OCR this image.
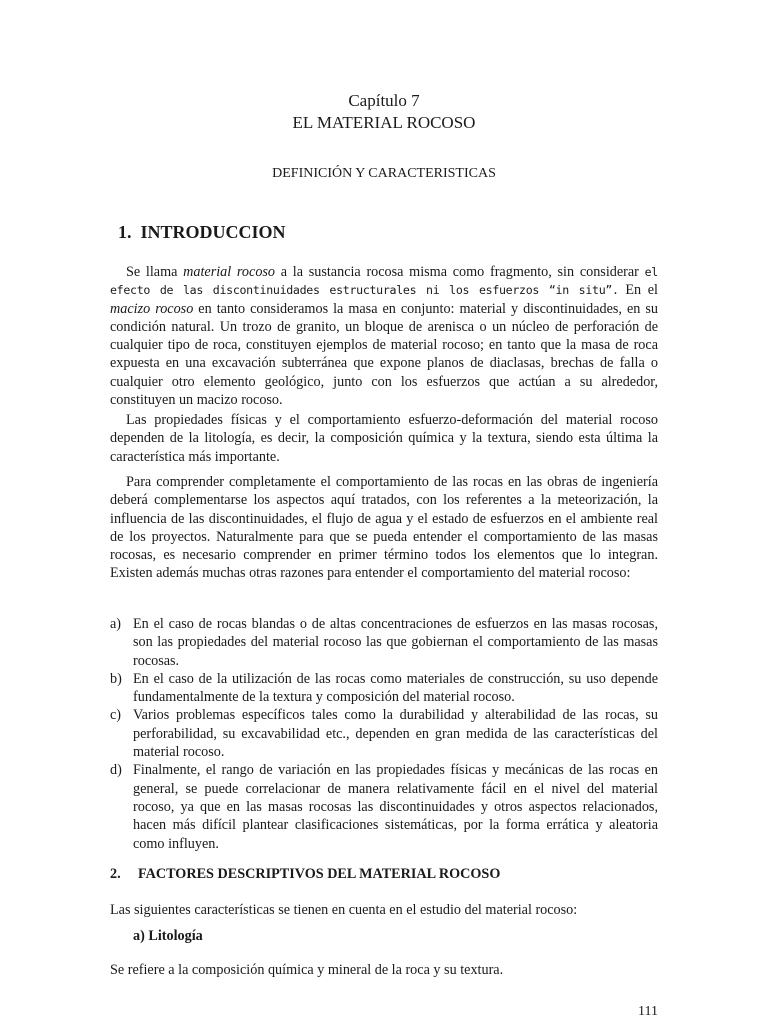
Capítulo 7
EL MATERIAL ROCOSO
DEFINICIÓN Y CARACTERISTICAS
1. INTRODUCCION
Se llama material rocoso a la sustancia rocosa misma como fragmento, sin considerar el efecto de las discontinuidades estructurales ni los esfuerzos “in situ”. En el macizo rocoso en tanto consideramos la masa en conjunto: material y discontinuidades, en su condición natural. Un trozo de granito, un bloque de arenisca o un núcleo de perforación de cualquier tipo de roca, constituyen ejemplos de material rocoso; en tanto que la masa de roca expuesta en una excavación subterránea que expone planos de diaclasas, brechas de falla o cualquier otro elemento geológico, junto con los esfuerzos que actúan a su alrededor, constituyen un macizo rocoso.
Las propiedades físicas y el comportamiento esfuerzo-deformación del material rocoso dependen de la litología, es decir, la composición química y la textura, siendo esta última la característica más importante.
Para comprender completamente el comportamiento de las rocas en las obras de ingeniería deberá complementarse los aspectos aquí tratados, con los referentes a la meteorización, la influencia de las discontinuidades, el flujo de agua y el estado de esfuerzos en el ambiente real de los proyectos. Naturalmente para que se pueda entender el comportamiento de las masas rocosas, es necesario comprender en primer término todos los elementos que lo integran. Existen además muchas otras razones para entender el comportamiento del material rocoso:
a) En el caso de rocas blandas o de altas concentraciones de esfuerzos en las masas rocosas, son las propiedades del material rocoso las que gobiernan el comportamiento de las masas rocosas.
b) En el caso de la utilización de las rocas como materiales de construcción, su uso depende fundamentalmente de la textura y composición del material rocoso.
c) Varios problemas específicos tales como la durabilidad y alterabilidad de las rocas, su perforabilidad, su excavabilidad etc., dependen en gran medida de las características del material rocoso.
d) Finalmente, el rango de variación en las propiedades físicas y mecánicas de las rocas en general, se puede correlacionar de manera relativamente fácil en el nivel del material rocoso, ya que en las masas rocosas las discontinuidades y otros aspectos relacionados, hacen más difícil plantear clasificaciones sistemáticas, por la forma errática y aleatoria como influyen.
2. FACTORES DESCRIPTIVOS DEL MATERIAL ROCOSO
Las siguientes características se tienen en cuenta en el estudio del material rocoso:
a) Litología
Se refiere a la composición química y mineral de la roca y su textura.
111
